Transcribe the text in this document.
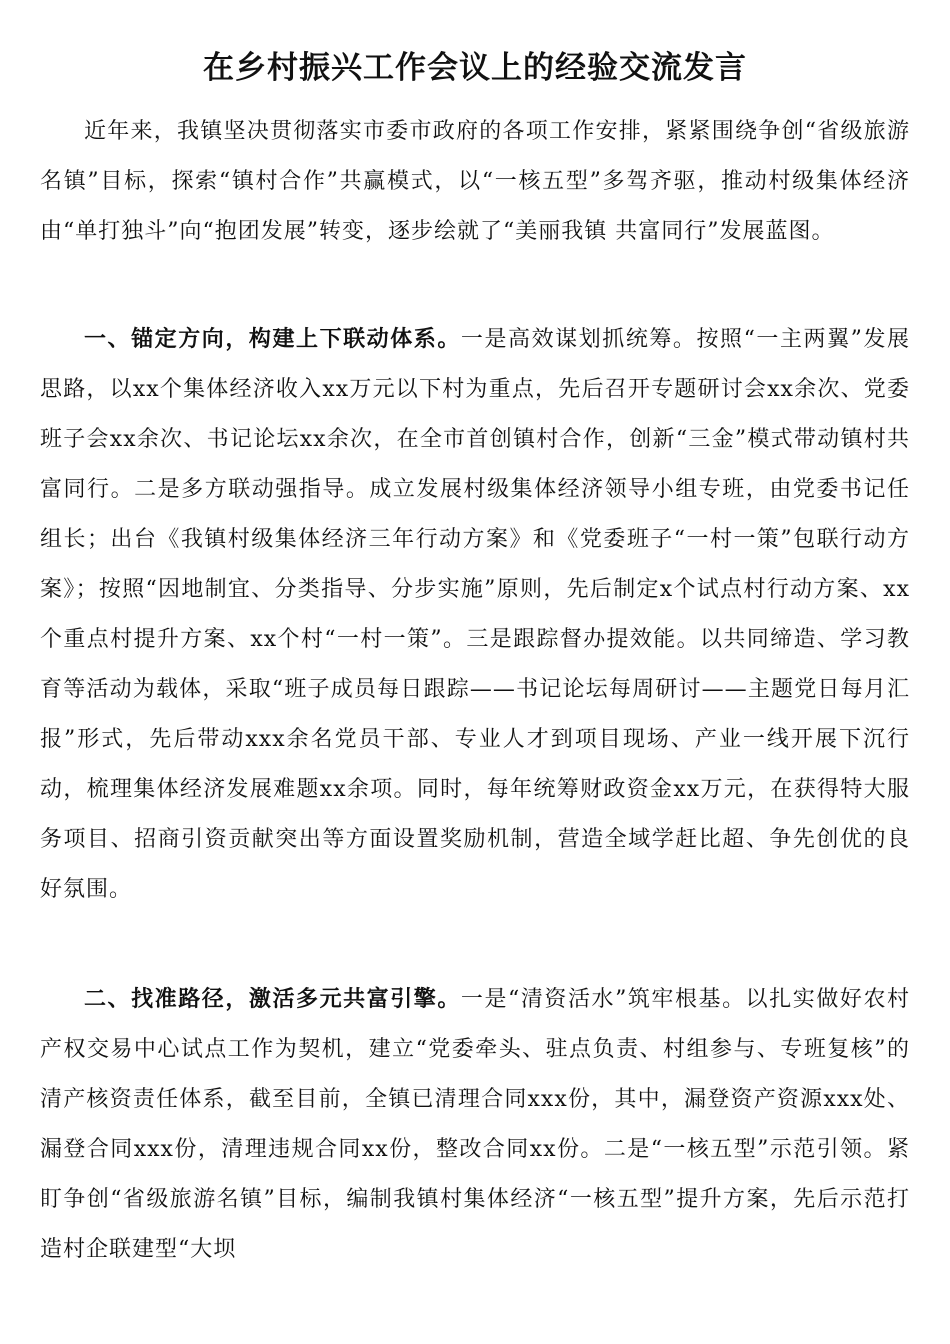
在乡村振兴工作会议上的经验交流发言

近年来，我镇坚决贯彻落实市委市政府的各项工作安排，紧紧围绕争创“省级旅游名镇”目标，探索“镇村合作”共赢模式，以“一核五型”多驾齐驱，推动村级集体经济由“单打独斗”向“抱团发展”转变，逐步绘就了“美丽我镇 共富同行”发展蓝图。

一、锚定方向，构建上下联动体系。一是高效谋划抓统筹。按照“一主两翼”发展思路，以xx个集体经济收入xx万元以下村为重点，先后召开专题研讨会xx余次、党委班子会xx余次、书记论坛xx余次，在全市首创镇村合作，创新“三金”模式带动镇村共富同行。二是多方联动强指导。成立发展村级集体经济领导小组专班，由党委书记任组长；出台《我镇村级集体经济三年行动方案》和《党委班子“一村一策”包联行动方案》；按照“因地制宜、分类指导、分步实施”原则，先后制定x个试点村行动方案、xx个重点村提升方案、xx个村“一村一策”。三是跟踪督办提效能。以共同缔造、学习教育等活动为载体，采取“班子成员每日跟踪——书记论坛每周研讨——主题党日每月汇报”形式，先后带动xxx余名党员干部、专业人才到项目现场、产业一线开展下沉行动，梳理集体经济发展难题xx余项。同时，每年统筹财政资金xx万元，在获得特大服务项目、招商引资贡献突出等方面设置奖励机制，营造全域学赶比超、争先创优的良好氛围。

二、找准路径，激活多元共富引擎。一是“清资活水”筑牢根基。以扎实做好农村产权交易中心试点工作为契机，建立“党委牵头、驻点负责、村组参与、专班复核”的清产核资责任体系，截至目前，全镇已清理合同xxx份，其中，漏登资产资源xxx处、漏登合同xxx份，清理违规合同xx份，整改合同xx份。二是“一核五型”示范引领。紧盯争创“省级旅游名镇”目标，编制我镇村集体经济“一核五型”提升方案，先后示范打造村企联建型“大坝
